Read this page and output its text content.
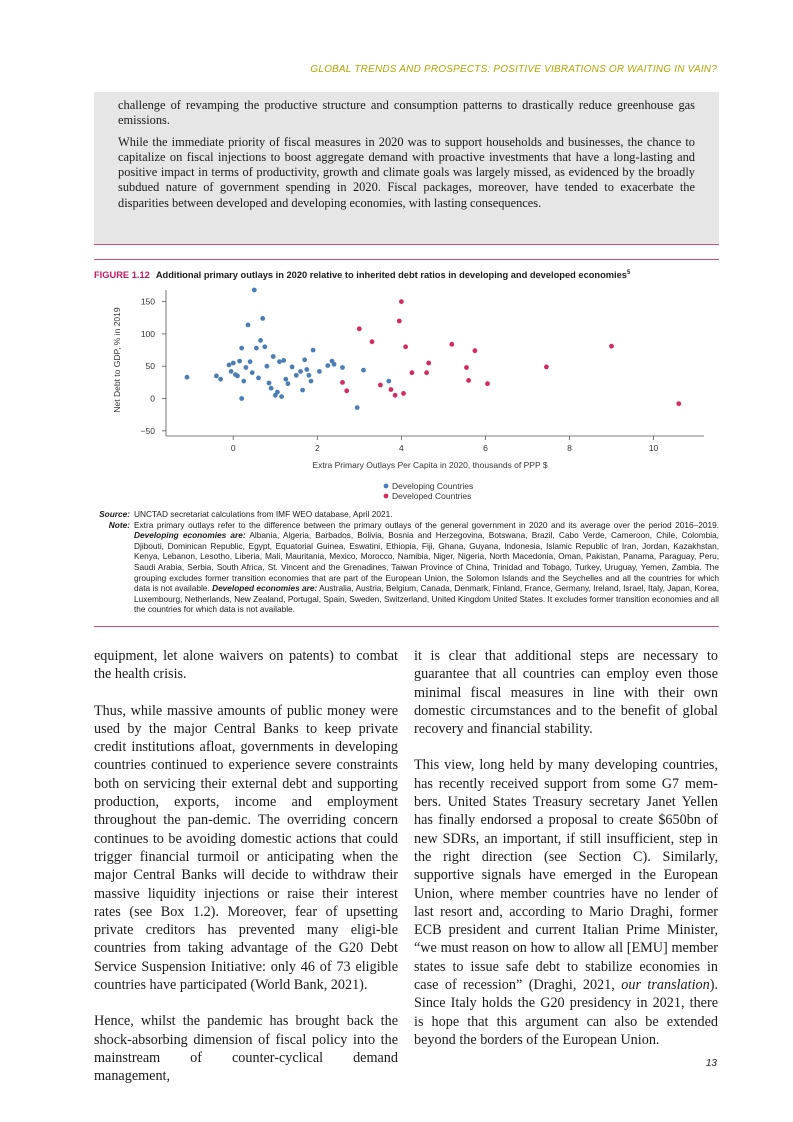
GLOBAL TRENDS AND PROSPECTS: POSITIVE VIBRATIONS OR WAITING IN VAIN?

challenge of revamping the productive structure and consumption patterns to drastically reduce greenhouse gas emissions.

While the immediate priority of fiscal measures in 2020 was to support households and businesses, the chance to capitalize on fiscal injections to boost aggregate demand with proactive investments that have a long-lasting and positive impact in terms of productivity, growth and climate goals was largely missed, as evidenced by the broadly subdued nature of government spending in 2020. Fiscal packages, moreover, have tended to exacerbate the disparities between developed and developing economies, with lasting consequences.

FIGURE 1.12 Additional primary outlays in 2020 relative to inherited debt ratios in developing and developed economies$^5$

Net Debt to GDP, % in 2019
−50
0
50
100
150
0	2	4	6	8	10
Extra Primary Outlays Per Capita in 2020, thousands of PPP $
Developing Countries
Developed Countries
Source: UNCTAD secretariat calculations from IMF WEO database, April 2021.
Note: Extra primary outlays refer to the difference between the primary outlays of the general government in 2020 and its average over the period 2016–2019. Developing economies are: Albania, Algeria, Barbados, Bolivia, Bosnia and Herzegovina, Botswana, Brazil, Cabo Verde, Cameroon, Chile, Colombia, Djibouti, Dominican Republic, Egypt, Equatorial Guinea, Eswatini, Ethiopia, Fiji, Ghana, Guyana, Indonesia, Islamic Republic of Iran, Jordan, Kazakhstan, Kenya, Lebanon, Lesotho, Liberia, Mali, Mauritania, Mexico, Morocco, Namibia, Niger, Nigeria, North Macedonia, Oman, Pakistan, Panama, Paraguay, Peru, Saudi Arabia, Serbia, South Africa, St. Vincent and the Grenadines, Taiwan Province of China, Trinidad and Tobago, Turkey, Uruguay, Yemen, Zambia. The grouping excludes former transition economies that are part of the European Union, the Solomon Islands and the Seychelles and all the countries for which data is not available. Developed economies are: Australia, Austria, Belgium, Canada, Denmark, Finland, France, Germany, Ireland, Israel, Italy, Japan, Korea, Luxembourg, Netherlands, New Zealand, Portugal, Spain, Sweden, Switzerland, United Kingdom United States. It excludes former transition economies and all the countries for which data is not available.

equipment, let alone waivers on patents) to combat the health crisis.

Thus, while massive amounts of public money were used by the major Central Banks to keep private credit institutions afloat, governments in developing countries continued to experience severe constraints both on servicing their external debt and supporting production, exports, income and employment throughout the pan-demic. The overriding concern continues to be avoiding domestic actions that could trigger financial turmoil or anticipating when the major Central Banks will decide to withdraw their massive liquidity injections or raise their interest rates (see Box 1.2). Moreover, fear of upsetting private creditors has prevented many eligi-ble countries from taking advantage of the G20 Debt Service Suspension Initiative: only 46 of 73 eligible countries have participated (World Bank, 2021).

Hence, whilst the pandemic has brought back the shock-absorbing dimension of fiscal policy into the mainstream of counter-cyclical demand management,

it is clear that additional steps are necessary to guarantee that all countries can employ even those minimal fiscal measures in line with their own domestic circumstances and to the benefit of global recovery and financial stability.

This view, long held by many developing countries, has recently received support from some G7 mem-bers. United States Treasury secretary Janet Yellen has finally endorsed a proposal to create $650bn of new SDRs, an important, if still insufficient, step in the right direction (see Section C). Similarly, supportive signals have emerged in the European Union, where member countries have no lender of last resort and, according to Mario Draghi, former ECB president and current Italian Prime Minister, “we must reason on how to allow all [EMU] member states to issue safe debt to stabilize economies in case of recession” (Draghi, 2021, our translation). Since Italy holds the G20 presidency in 2021, there is hope that this argument can also be extended beyond the borders of the European Union.

13
